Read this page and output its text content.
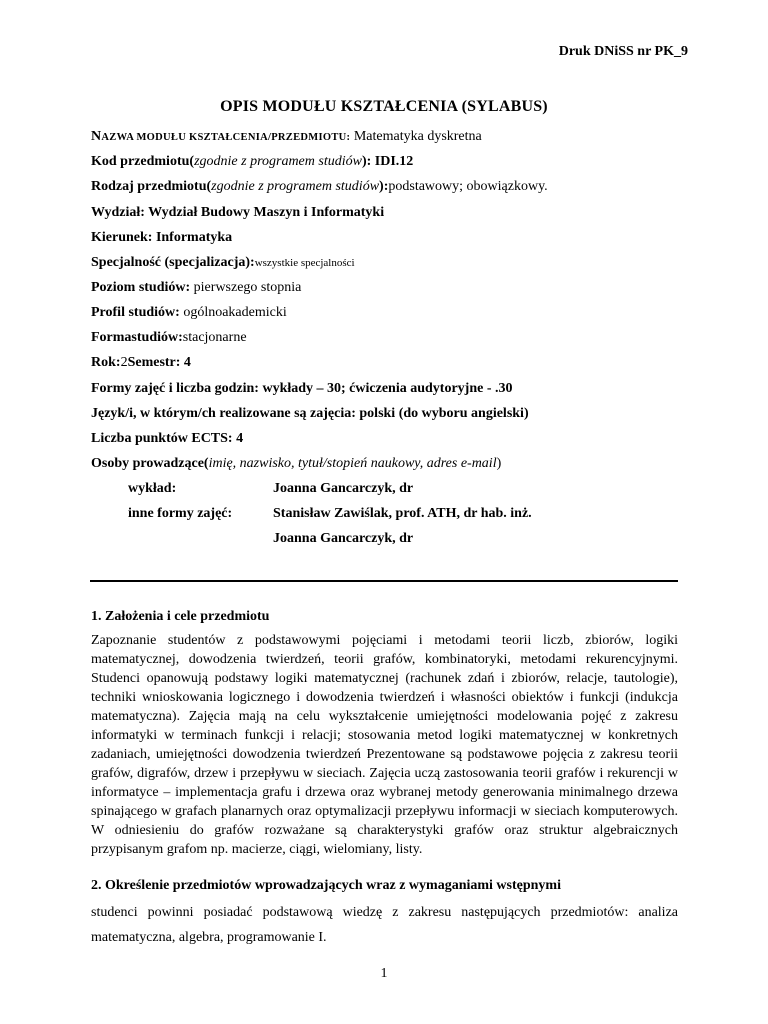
Druk DNiSS nr PK_9
OPIS MODUŁU KSZTAŁCENIA (SYLABUS)
NAZWA MODUŁU KSZTAŁCENIA/PRZEDMIOTU: Matematyka dyskretna
Kod przedmiotu(zgodnie z programem studiów): IDI.12
Rodzaj przedmiotu(zgodnie z programem studiów):podstawowy; obowiązkowy.
Wydział: Wydział Budowy Maszyn i Informatyki
Kierunek: Informatyka
Specjalność (specjalizacja):wszystkie specjalności
Poziom studiów: pierwszego stopnia
Profil studiów: ogólnoakademicki
Formastudiów:stacjonarne
Rok:2Semestr: 4
Formy zajęć i liczba godzin: wykłady – 30; ćwiczenia audytoryjne - .30
Język/i, w którym/ch realizowane są zajęcia: polski (do wyboru angielski)
Liczba punktów ECTS: 4
Osoby prowadzące(imię, nazwisko, tytuł/stopień naukowy, adres e-mail)
wykład:	Joanna Gancarczyk, dr
inne formy zajęć:	Stanisław Zawiślak, prof. ATH, dr hab. inż.
Joanna Gancarczyk, dr
1. Założenia i cele przedmiotu
Zapoznanie studentów z podstawowymi pojęciami i metodami teorii liczb, zbiorów, logiki matematycznej, dowodzenia twierdzeń, teorii grafów, kombinatoryki, metodami rekurencyjnymi. Studenci opanowują podstawy logiki matematycznej (rachunek zdań i zbiorów, relacje, tautologie), techniki wnioskowania logicznego i dowodzenia twierdzeń i własności obiektów i funkcji (indukcja matematyczna). Zajęcia mają na celu wykształcenie umiejętności modelowania pojęć z zakresu informatyki w terminach funkcji i relacji; stosowania metod logiki matematycznej w konkretnych zadaniach, umiejętności dowodzenia twierdzeń Prezentowane są podstawowe pojęcia z zakresu teorii grafów, digrafów, drzew i przepływu w sieciach. Zajęcia uczą zastosowania teorii grafów i rekurencji w informatyce – implementacja grafu i drzewa oraz wybranej metody generowania minimalnego drzewa spinającego w grafach planarnych oraz optymalizacji przepływu informacji w sieciach komputerowych. W odniesieniu do grafów rozważane są charakterystyki grafów oraz struktur algebraicznych przypisanym grafom np. macierze, ciągi, wielomiany, listy.
2. Określenie przedmiotów wprowadzających wraz z wymaganiami wstępnymi
studenci powinni posiadać podstawową wiedzę z zakresu następujących przedmiotów: analiza matematyczna, algebra, programowanie I.
1
